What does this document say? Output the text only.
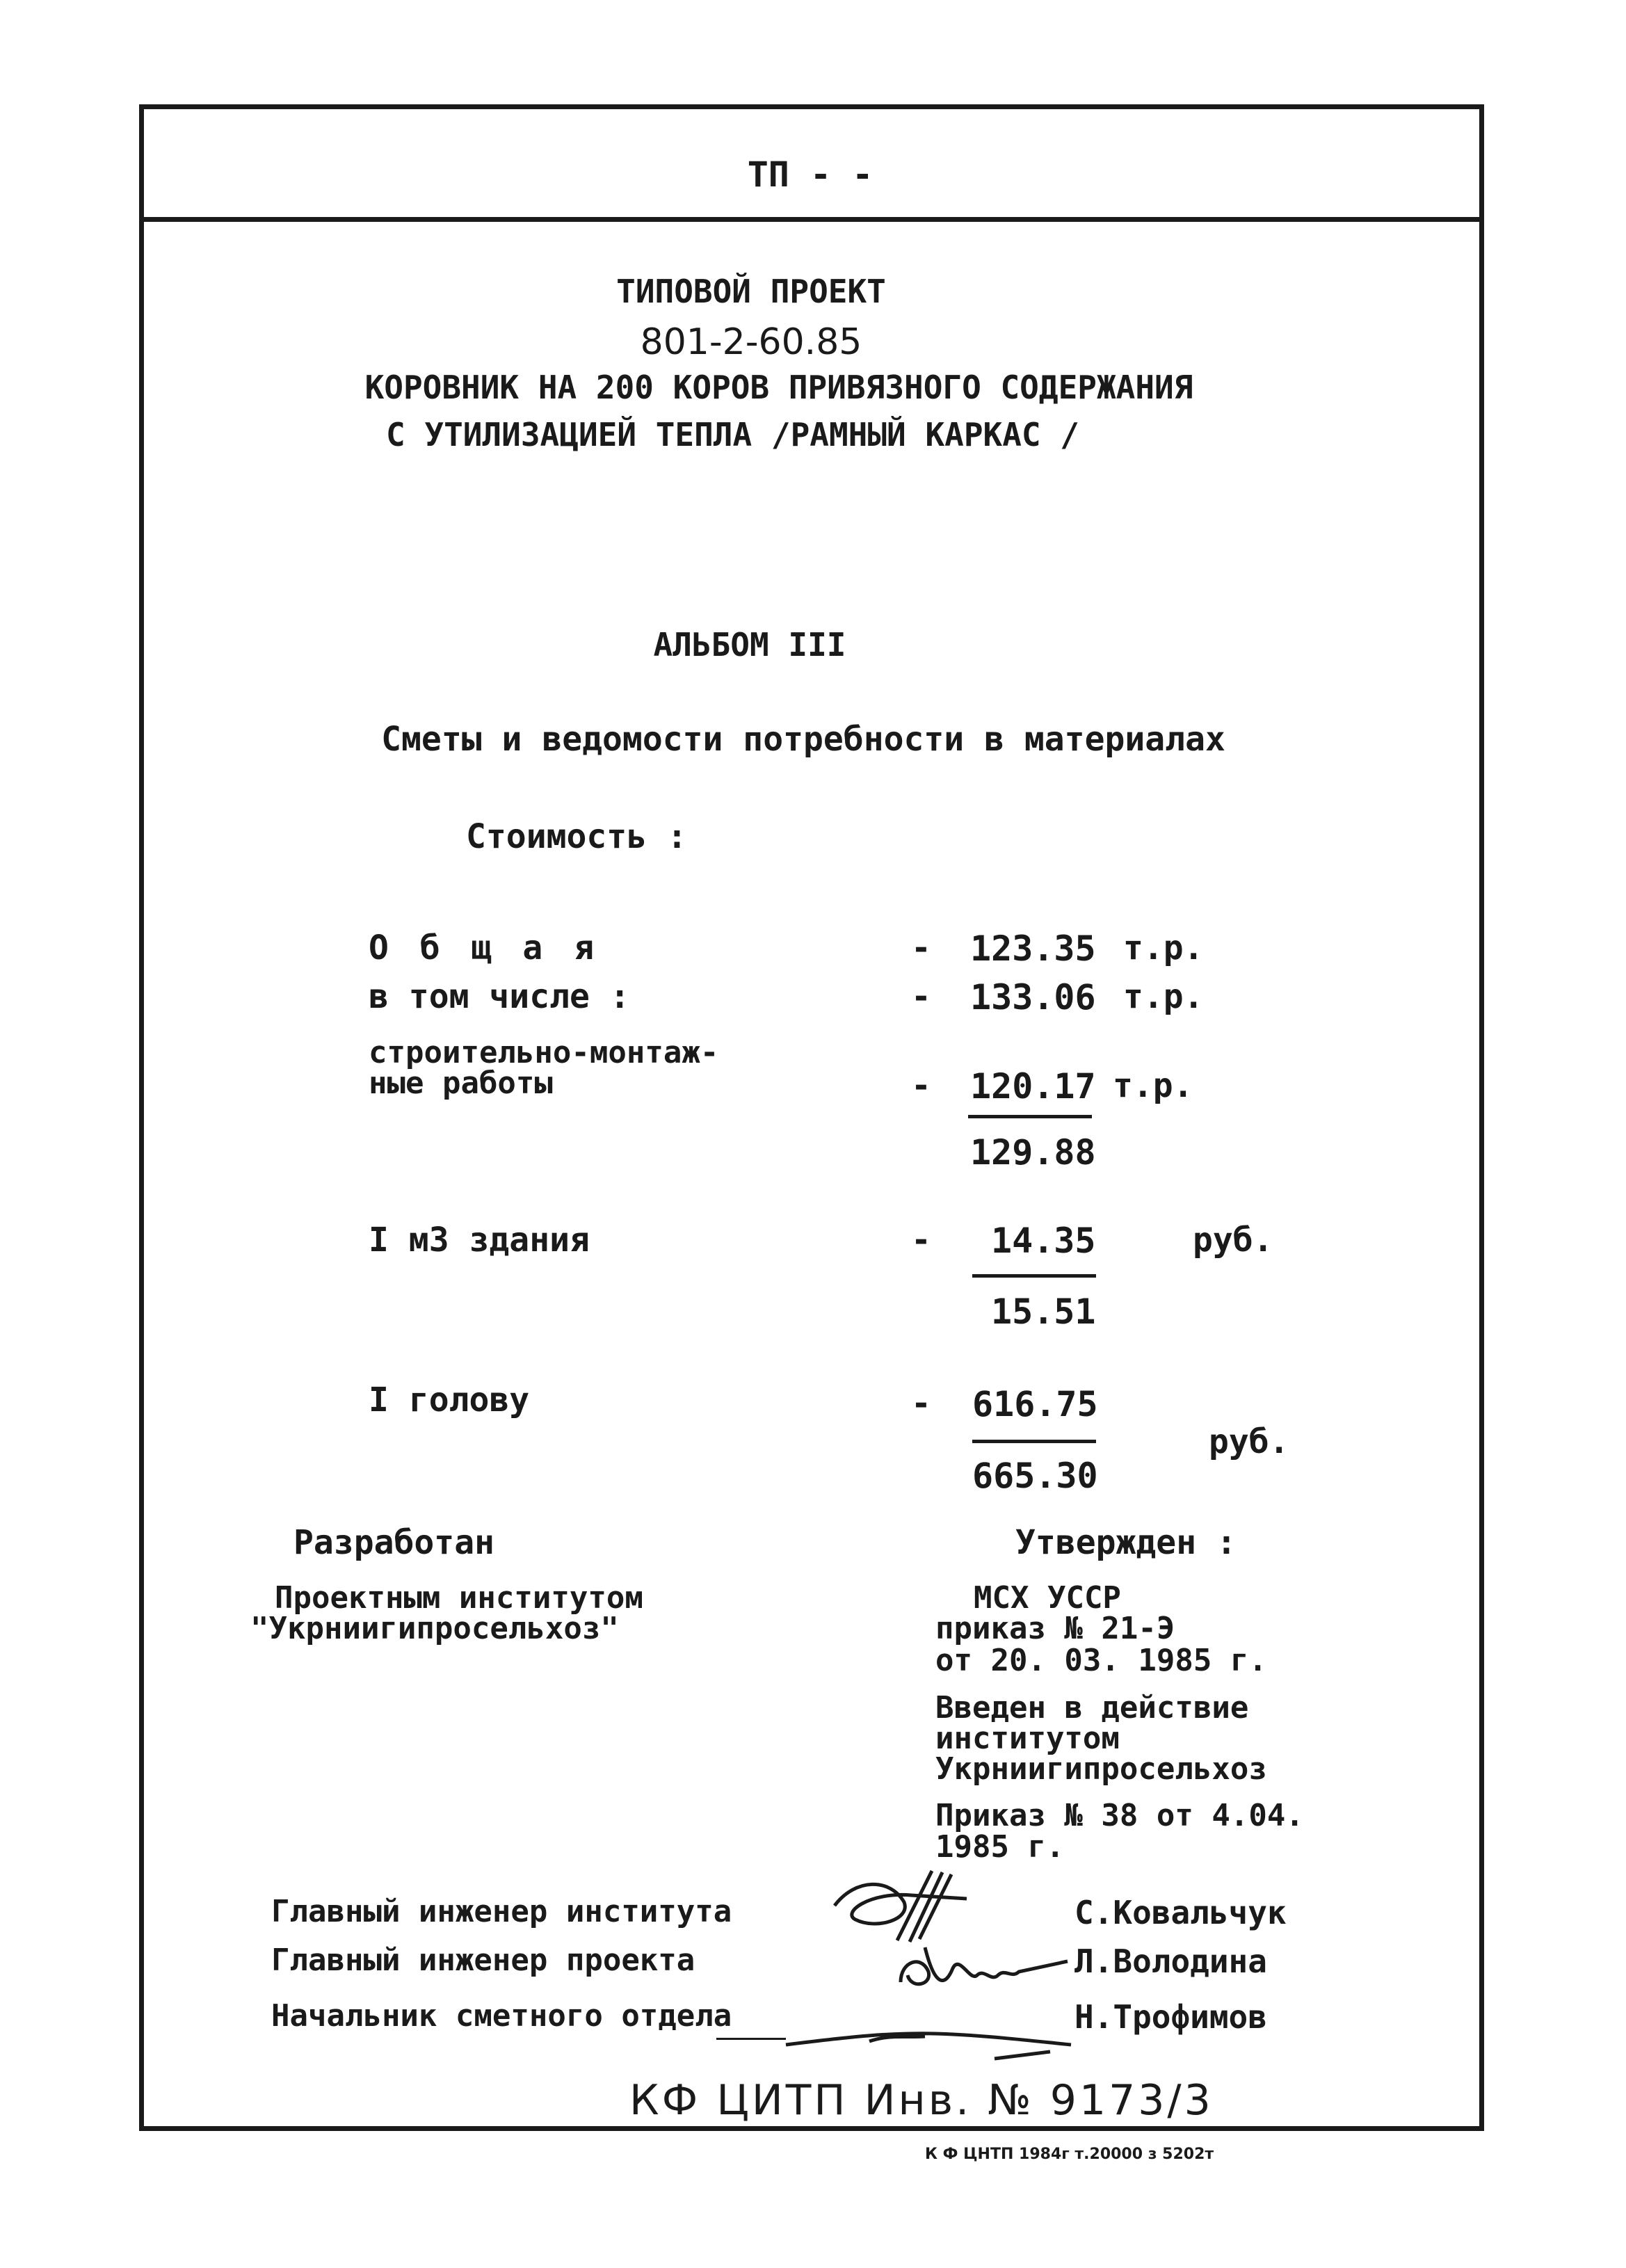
ТП - -
ТИПОВОЙ ПРОЕКТ
801-2-60.85
КОРОВНИК НА 200 КОРОВ ПРИВЯЗНОГО СОДЕРЖАНИЯ
С УТИЛИЗАЦИЕЙ ТЕПЛА /РАМНЫЙ КАРКАС /
АЛЬБОМ III
Сметы и ведомости потребности в материалах
Стоимость :
О б щ а я	- 123.35 т.р.
в том числе :	- 133.06 т.р.
строительно-монтаж-
ные работы	- 120.17 т.р.
129.88
I м3 здания	- 14.35	руб.
15.51
I голову	- 616.75
руб.
665.30
Разработан
Проектным институтом
"Укрниигипросельхоз"
Утвержден :
МСХ УССР
приказ № 21-Э
от 20. 03. 1985 г.
Введен в действие
институтом
Укрниигипросельхоз
Приказ № 38 от 4.04.
1985 г.
Главный инженер института	С.Ковальчук
Главный инженер проекта	Л.Володина
Начальник сметного отдела	Н.Трофимов
КФ ЦИТП Инв. № 9173/3
К Ф ЦНТП 1984г т.20000 з 5202т
